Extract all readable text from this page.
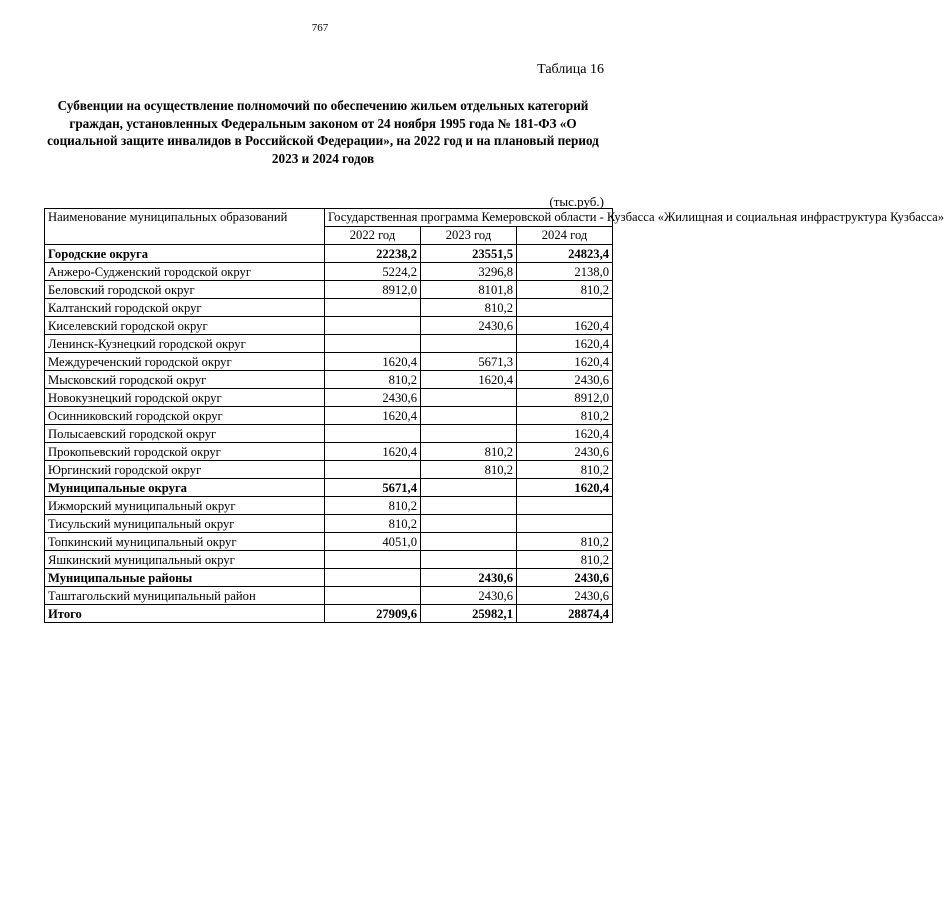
767
Таблица 16
Субвенции на осуществление полномочий по обеспечению жильем отдельных категорий граждан, установленных Федеральным законом от 24 ноября 1995 года № 181-ФЗ «О социальной защите инвалидов в Российской Федерации», на 2022 год и на плановый период 2023 и 2024 годов
(тыс.руб.)
Наименование муниципальных образований	Государственная программа Кемеровской области - Кузбасса «Жилищная и социальная инфраструктура Кузбасса»		
	2022 год	2023 год	2024 год
Городские округа	22238,2	23551,5	24823,4
Анжеро-Судженский городской округ	5224,2	3296,8	2138,0
Беловский городской округ	8912,0	8101,8	810,2
Калтанский городской округ		810,2	
Киселевский городской округ		2430,6	1620,4
Ленинск-Кузнецкий городской округ			1620,4
Междуреченский городской округ	1620,4	5671,3	1620,4
Мысковский городской округ	810,2	1620,4	2430,6
Новокузнецкий городской округ	2430,6		8912,0
Осинниковский городской округ	1620,4		810,2
Полысаевский городской округ			1620,4
Прокопьевский городской округ	1620,4	810,2	2430,6
Юргинский городской округ		810,2	810,2
Муниципальные округа	5671,4		1620,4
Ижморский муниципальный округ	810,2		
Тисульский муниципальный округ	810,2		
Топкинский муниципальный округ	4051,0		810,2
Яшкинский муниципальный округ			810,2
Муниципальные районы		2430,6	2430,6
Таштагольский муниципальный район		2430,6	2430,6
Итого	27909,6	25982,1	28874,4
